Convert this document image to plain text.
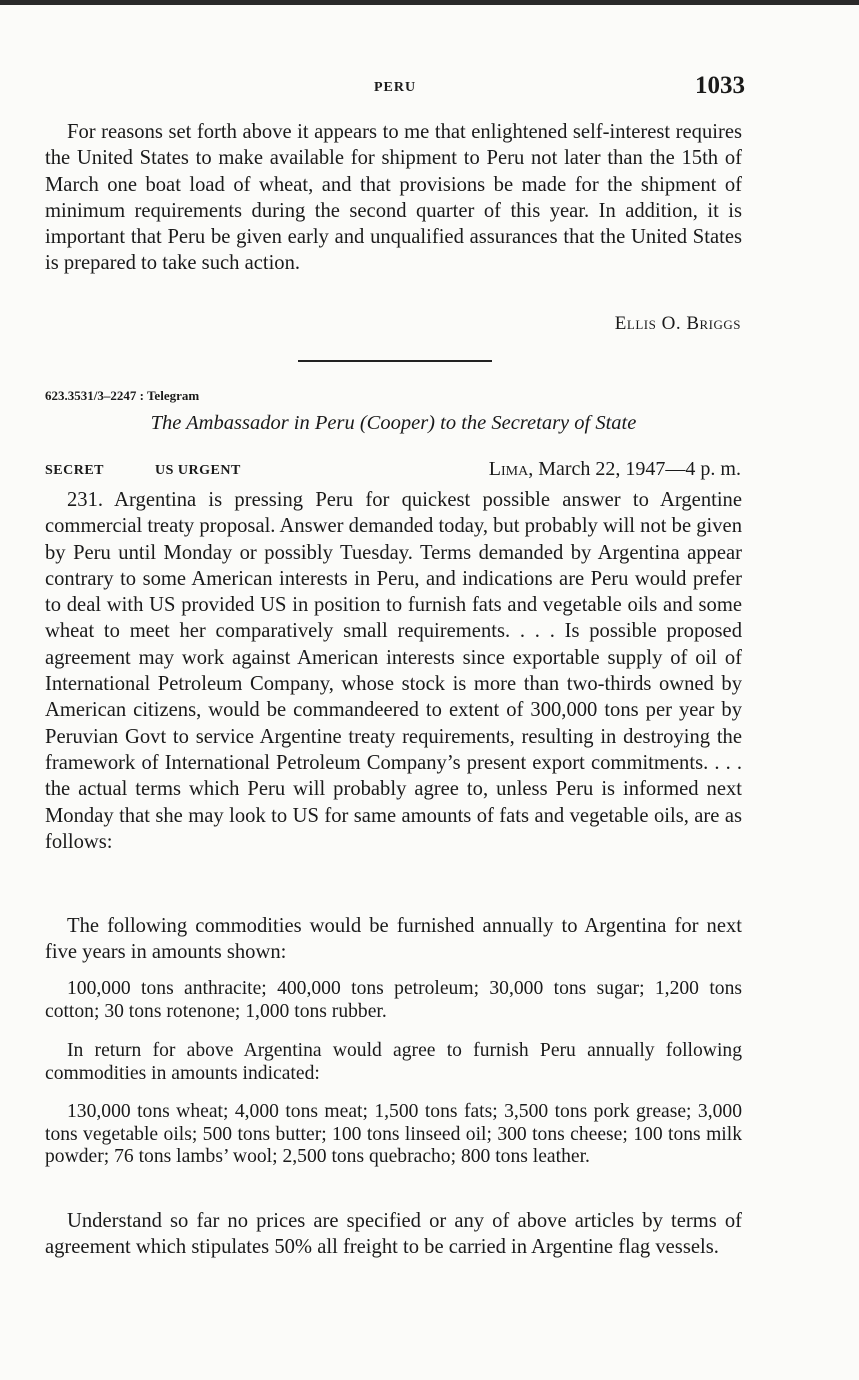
PERU	1033

For reasons set forth above it appears to me that enlightened self-interest requires the United States to make available for shipment to Peru not later than the 15th of March one boat load of wheat, and that provisions be made for the shipment of minimum requirements during the second quarter of this year. In addition, it is important that Peru be given early and unqualified assurances that the United States is prepared to take such action.

Ellis O. Briggs
623.3531/3–2247 : Telegram
The Ambassador in Peru (Cooper) to the Secretary of State
SECRET	US URGENT	Lima, March 22, 1947—4 p. m.

231. Argentina is pressing Peru for quickest possible answer to Argentine commercial treaty proposal. Answer demanded today, but probably will not be given by Peru until Monday or possibly Tuesday. Terms demanded by Argentina appear contrary to some American interests in Peru, and indications are Peru would prefer to deal with US provided US in position to furnish fats and vegetable oils and some wheat to meet her comparatively small requirements. . . . Is possible proposed agreement may work against American interests since exportable supply of oil of International Petroleum Company, whose stock is more than two-thirds owned by American citizens, would be commandeered to extent of 300,000 tons per year by Peruvian Govt to service Argentine treaty requirements, resulting in destroying the framework of International Petroleum Company’s present export commitments. . . . the actual terms which Peru will probably agree to, unless Peru is informed next Monday that she may look to US for same amounts of fats and vegetable oils, are as follows:

The following commodities would be furnished annually to Argentina for next five years in amounts shown:

100,000 tons anthracite; 400,000 tons petroleum; 30,000 tons sugar; 1,200 tons cotton; 30 tons rotenone; 1,000 tons rubber.

In return for above Argentina would agree to furnish Peru annually following commodities in amounts indicated:

130,000 tons wheat; 4,000 tons meat; 1,500 tons fats; 3,500 tons pork grease; 3,000 tons vegetable oils; 500 tons butter; 100 tons linseed oil; 300 tons cheese; 100 tons milk powder; 76 tons lambs’ wool; 2,500 tons quebracho; 800 tons leather.

Understand so far no prices are specified or any of above articles by terms of agreement which stipulates 50% all freight to be carried in Argentine flag vessels.
